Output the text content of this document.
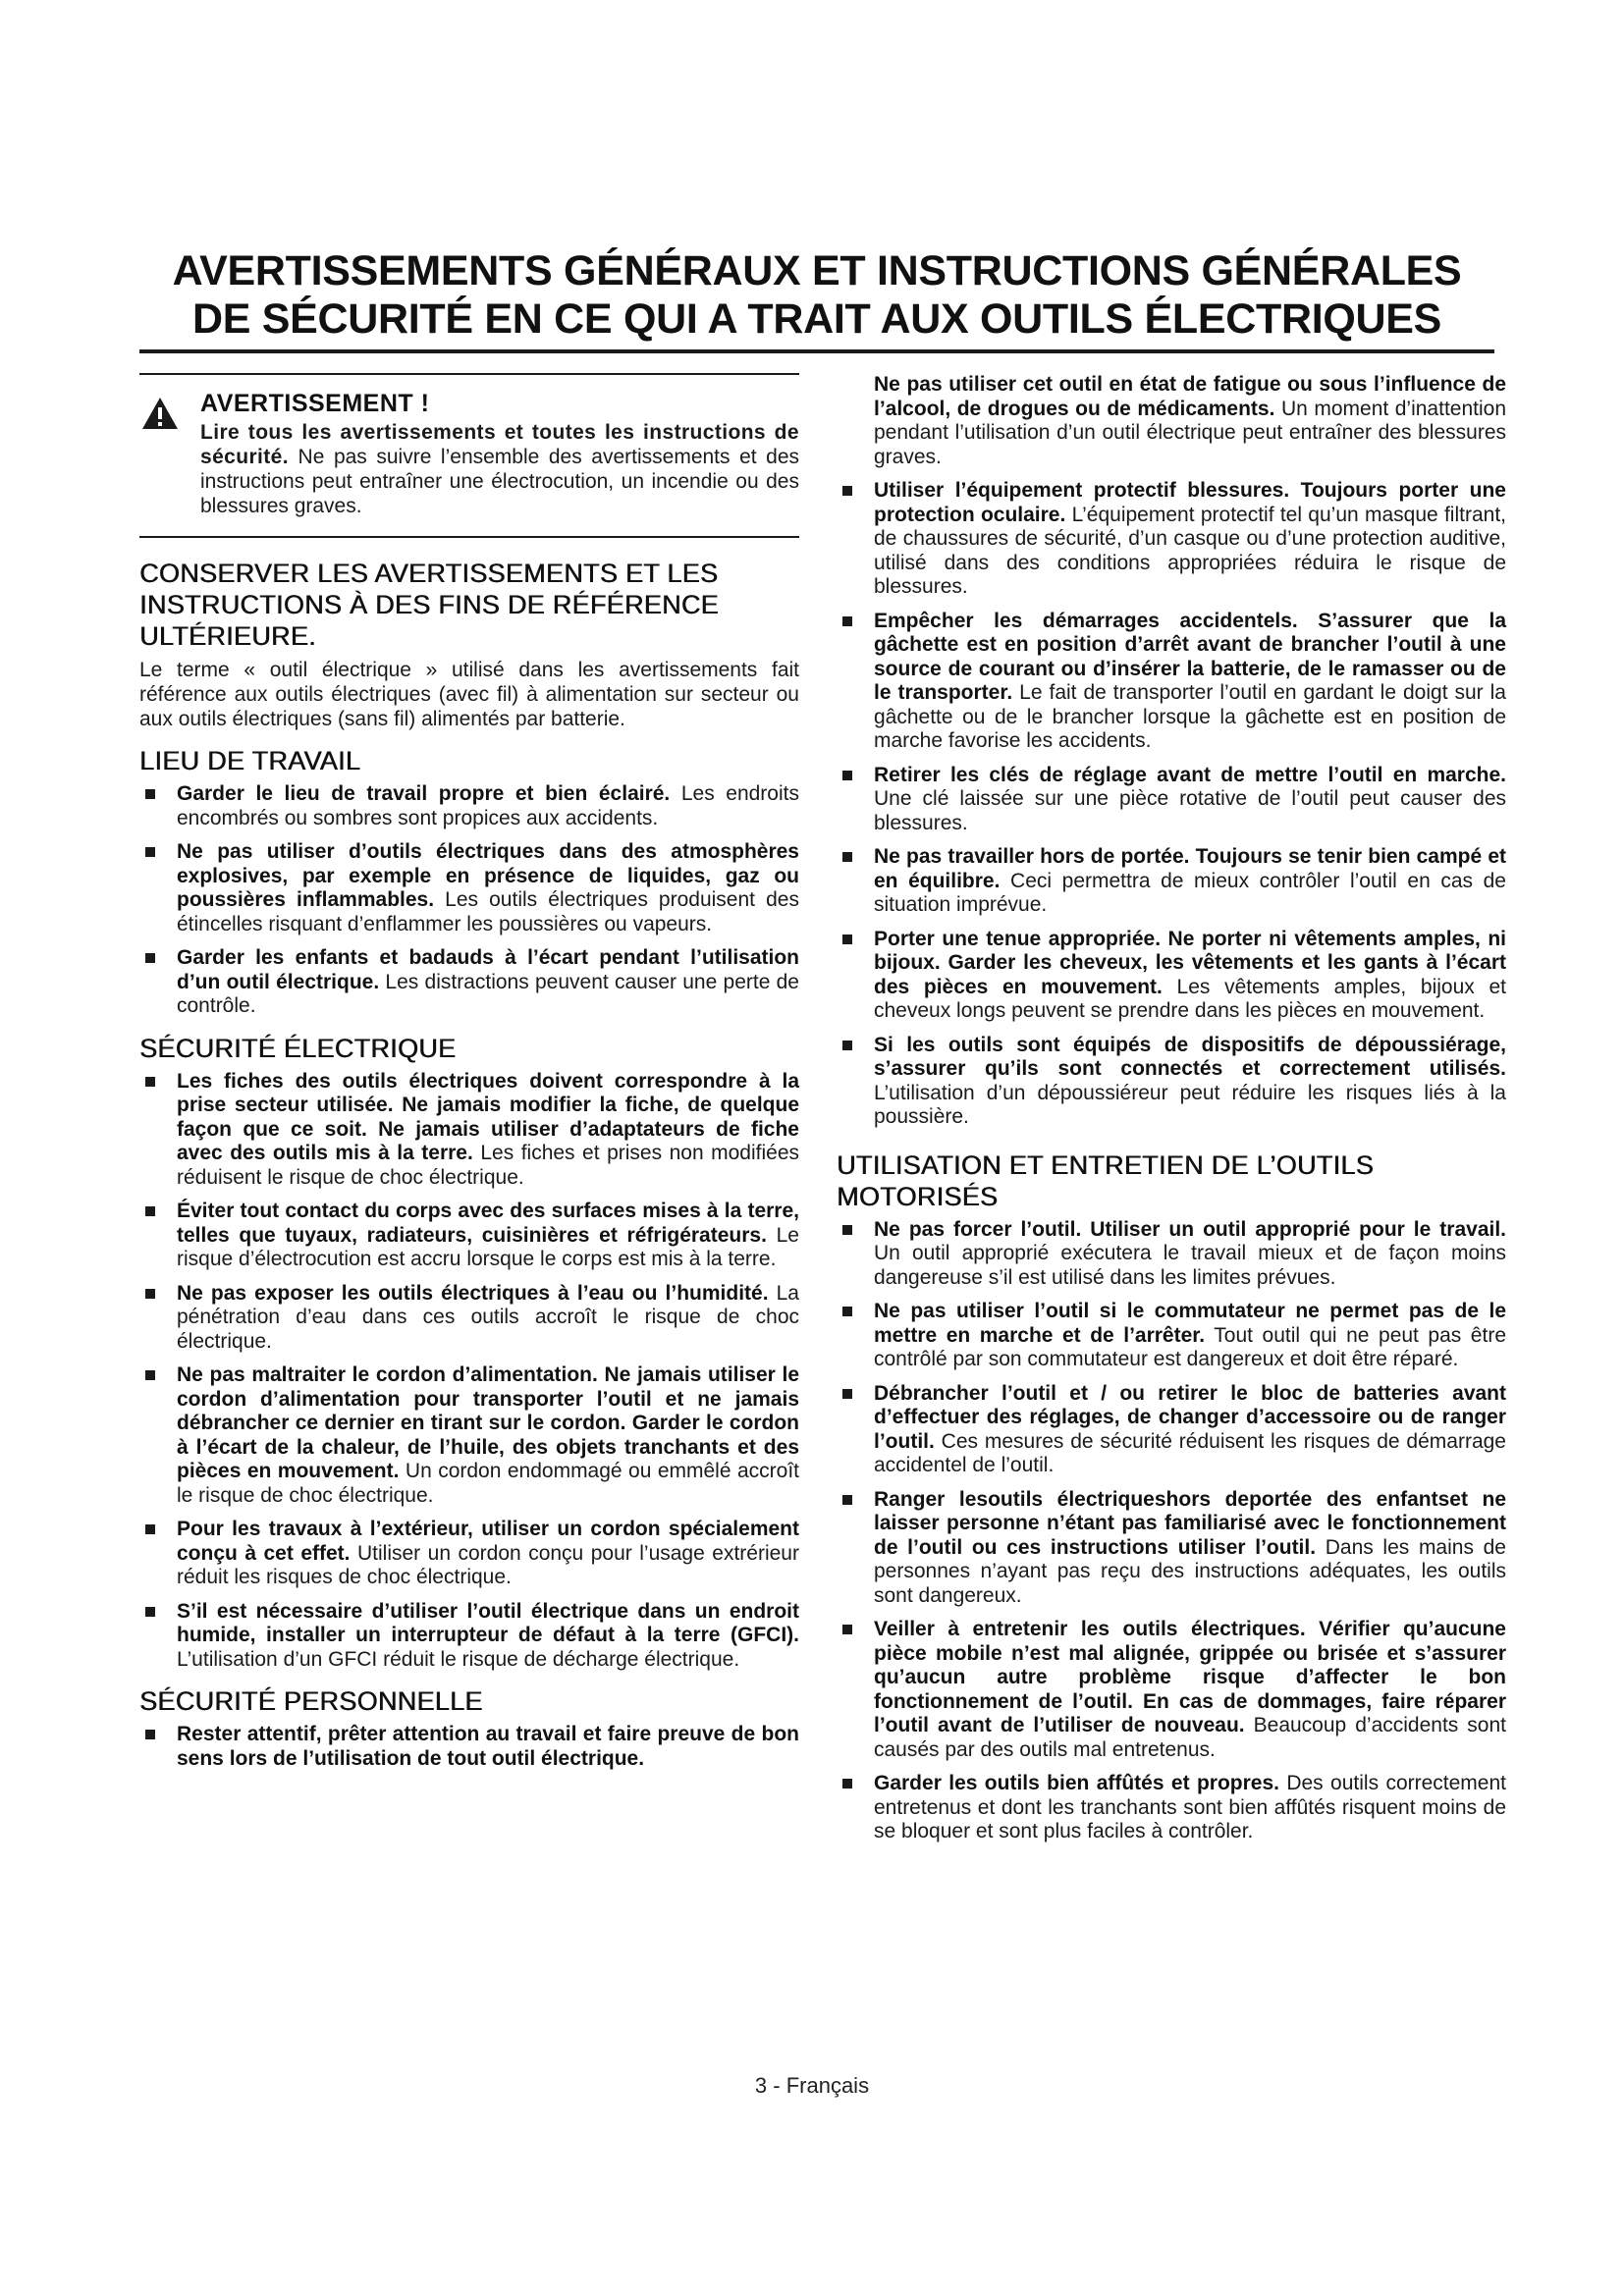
AVERTISSEMENTS GÉNÉRAUX ET INSTRUCTIONS GÉNÉRALES
DE SÉCURITÉ EN CE QUI A TRAIT AUX OUTILS ÉLECTRIQUES
AVERTISSEMENT !
Lire tous les avertissements et toutes les instructions de sécurité. Ne pas suivre l’ensemble des avertissements et des instructions peut entraîner une électrocution, un incendie ou des blessures graves.
CONSERVER LES AVERTISSEMENTS ET LES INSTRUCTIONS À DES FINS DE RÉFÉRENCE ULTÉRIEURE.

Le terme « outil électrique » utilisé dans les avertissements fait référence aux outils électriques (avec fil) à alimentation sur secteur ou aux outils électriques (sans fil) alimentés par batterie.

LIEU DE TRAVAIL
Garder le lieu de travail propre et bien éclairé. Les endroits encombrés ou sombres sont propices aux accidents.
Ne pas utiliser d’outils électriques dans des atmosphères explosives, par exemple en présence de liquides, gaz ou poussières inflammables. Les outils électriques produisent des étincelles risquant d’enflammer les poussières ou vapeurs.
Garder les enfants et badauds à l’écart pendant l’utilisation d’un outil électrique. Les distractions peuvent causer une perte de contrôle.
SÉCURITÉ ÉLECTRIQUE
Les fiches des outils électriques doivent correspondre à la prise secteur utilisée. Ne jamais modifier la fiche, de quelque façon que ce soit. Ne jamais utiliser d’adaptateurs de fiche avec des outils mis à la terre. Les fiches et prises non modifiées réduisent le risque de choc électrique.
Éviter tout contact du corps avec des surfaces mises à la terre, telles que tuyaux, radiateurs, cuisinières et réfrigérateurs. Le risque d’électrocution est accru lorsque le corps est mis à la terre.
Ne pas exposer les outils électriques à l’eau ou l’humidité. La pénétration d’eau dans ces outils accroît le risque de choc électrique.
Ne pas maltraiter le cordon d’alimentation. Ne jamais utiliser le cordon d’alimentation pour transporter l’outil et ne jamais débrancher ce dernier en tirant sur le cordon. Garder le cordon à l’écart de la chaleur, de l’huile, des objets tranchants et des pièces en mouvement. Un cordon endommagé ou emmêlé accroît le risque de choc électrique.
Pour les travaux à l’extérieur, utiliser un cordon spécialement conçu à cet effet. Utiliser un cordon conçu pour l’usage extrérieur réduit les risques de choc électrique.
S’il est nécessaire d’utiliser l’outil électrique dans un endroit humide, installer un interrupteur de défaut à la terre (GFCI). L’utilisation d’un GFCI réduit le risque de décharge électrique.
SÉCURITÉ PERSONNELLE
Rester attentif, prêter attention au travail et faire preuve de bon sens lors de l’utilisation de tout outil électrique.
Ne pas utiliser cet outil en état de fatigue ou sous l’influence de l’alcool, de drogues ou de médicaments. Un moment d’inattention pendant l’utilisation d’un outil électrique peut entraîner des blessures graves.
Utiliser l’équipement protectif blessures. Toujours porter une protection oculaire. L’équipement protectif tel qu’un masque filtrant, de chaussures de sécurité, d’un casque ou d’une protection auditive, utilisé dans des conditions appropriées réduira le risque de blessures.
Empêcher les démarrages accidentels. S’assurer que la gâchette est en position d’arrêt avant de brancher l’outil à une source de courant ou d’insérer la batterie, de le ramasser ou de le transporter. Le fait de transporter l’outil en gardant le doigt sur la gâchette ou de le brancher lorsque la gâchette est en position de marche favorise les accidents.
Retirer les clés de réglage avant de mettre l’outil en marche. Une clé laissée sur une pièce rotative de l’outil peut causer des blessures.
Ne pas travailler hors de portée. Toujours se tenir bien campé et en équilibre. Ceci permettra de mieux contrôler l’outil en cas de situation imprévue.
Porter une tenue appropriée. Ne porter ni vêtements amples, ni bijoux. Garder les cheveux, les vêtements et les gants à l’écart des pièces en mouvement. Les vêtements amples, bijoux et cheveux longs peuvent se prendre dans les pièces en mouvement.
Si les outils sont équipés de dispositifs de dépoussiérage, s’assurer qu’ils sont connectés et correctement utilisés. L’utilisation d’un dépoussiéreur peut réduire les risques liés à la poussière.
UTILISATION ET ENTRETIEN DE L’OUTILS MOTORISÉS
Ne pas forcer l’outil. Utiliser un outil approprié pour le travail. Un outil approprié exécutera le travail mieux et de façon moins dangereuse s’il est utilisé dans les limites prévues.
Ne pas utiliser l’outil si le commutateur ne permet pas de le mettre en marche et de l’arrêter. Tout outil qui ne peut pas être contrôlé par son commutateur est dangereux et doit être réparé.
Débrancher l’outil et / ou retirer le bloc de batteries avant d’effectuer des réglages, de changer d’accessoire ou de ranger l’outil. Ces mesures de sécurité réduisent les risques de démarrage accidentel de l’outil.
Ranger lesoutils électriqueshors deportée des enfantset ne laisser personne n’étant pas familiarisé avec le fonctionnement de l’outil ou ces instructions utiliser l’outil. Dans les mains de personnes n’ayant pas reçu des instructions adéquates, les outils sont dangereux.
Veiller à entretenir les outils électriques. Vérifier qu’aucune pièce mobile n’est mal alignée, grippée ou brisée et s’assurer qu’aucun autre problème risque d’affecter le bon fonctionnement de l’outil. En cas de dommages, faire réparer l’outil avant de l’utiliser de nouveau. Beaucoup d’accidents sont causés par des outils mal entretenus.
Garder les outils bien affûtés et propres. Des outils correctement entretenus et dont les tranchants sont bien affûtés risquent moins de se bloquer et sont plus faciles à contrôler.
3 - Français
